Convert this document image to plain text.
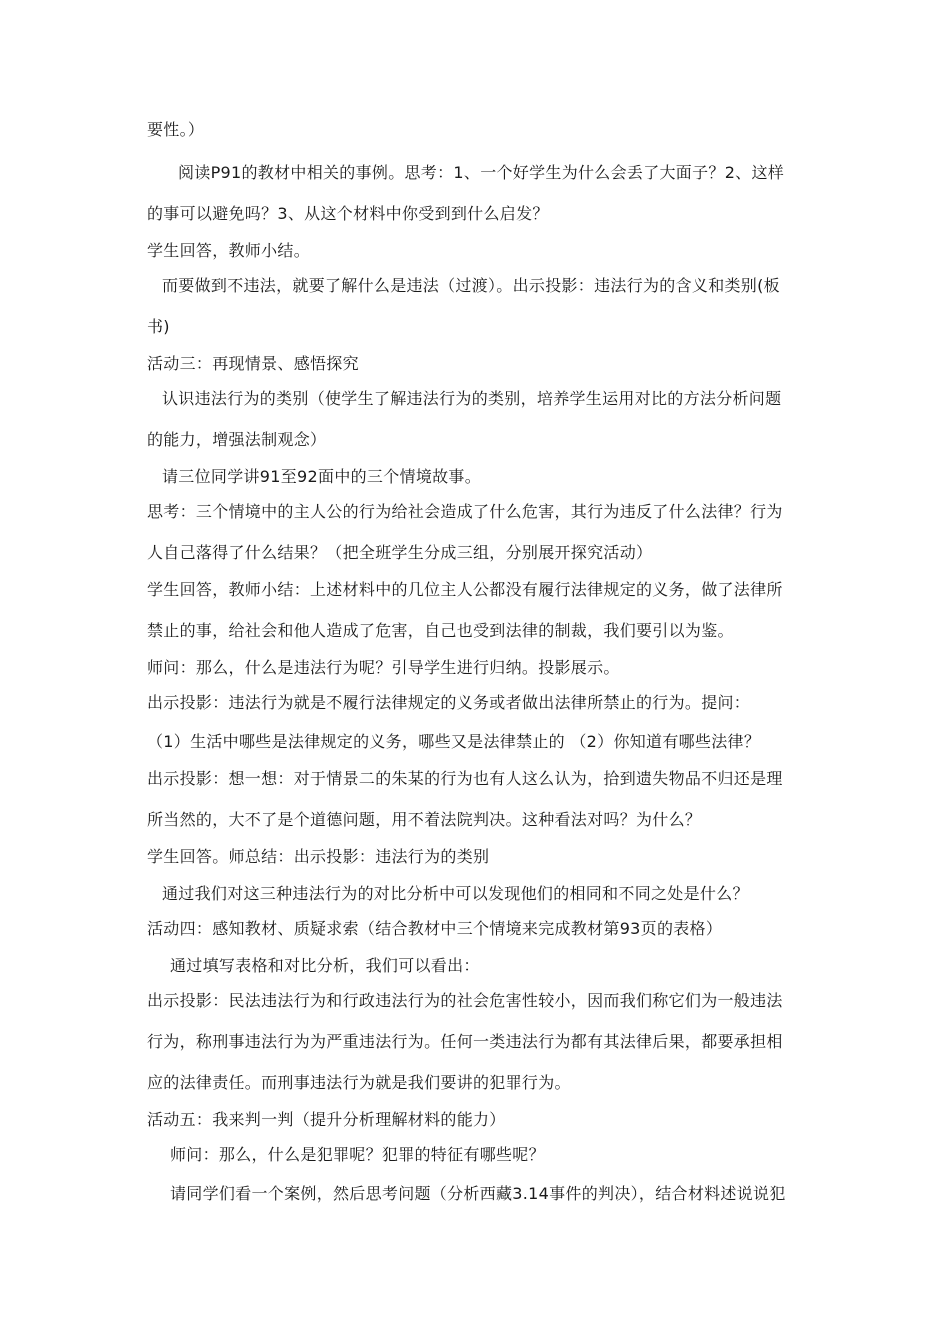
要性。）
阅读P91的教材中相关的事例。思考：1、一个好学生为什么会丢了大面子？2、这样
的事可以避免吗？3、从这个材料中你受到到什么启发？
学生回答，教师小结。
而要做到不违法，就要了解什么是违法（过渡）。出示投影：违法行为的含义和类别(板
书)
活动三：再现情景、感悟探究
认识违法行为的类别（使学生了解违法行为的类别，培养学生运用对比的方法分析问题
的能力，增强法制观念）
请三位同学讲91至92面中的三个情境故事。
思考：三个情境中的主人公的行为给社会造成了什么危害，其行为违反了什么法律？行为
人自己落得了什么结果？（把全班学生分成三组，分别展开探究活动）
学生回答，教师小结：上述材料中的几位主人公都没有履行法律规定的义务，做了法律所
禁止的事，给社会和他人造成了危害，自己也受到法律的制裁，我们要引以为鉴。
师问：那么，什么是违法行为呢？引导学生进行归纳。投影展示。
出示投影：违法行为就是不履行法律规定的义务或者做出法律所禁止的行为。提问：
（1）生活中哪些是法律规定的义务，哪些又是法律禁止的 （2）你知道有哪些法律？
出示投影：想一想：对于情景二的朱某的行为也有人这么认为，拾到遗失物品不归还是理
所当然的，大不了是个道德问题，用不着法院判决。这种看法对吗？为什么？
学生回答。师总结：出示投影：违法行为的类别
通过我们对这三种违法行为的对比分析中可以发现他们的相同和不同之处是什么？
活动四：感知教材、质疑求索（结合教材中三个情境来完成教材第93页的表格）
通过填写表格和对比分析，我们可以看出：
出示投影：民法违法行为和行政违法行为的社会危害性较小，因而我们称它们为一般违法
行为，称刑事违法行为为严重违法行为。任何一类违法行为都有其法律后果，都要承担相
应的法律责任。而刑事违法行为就是我们要讲的犯罪行为。
活动五：我来判一判（提升分析理解材料的能力）
师问：那么，什么是犯罪呢？犯罪的特征有哪些呢？
请同学们看一个案例，然后思考问题（分析西藏3.14事件的判决），结合材料述说说犯
